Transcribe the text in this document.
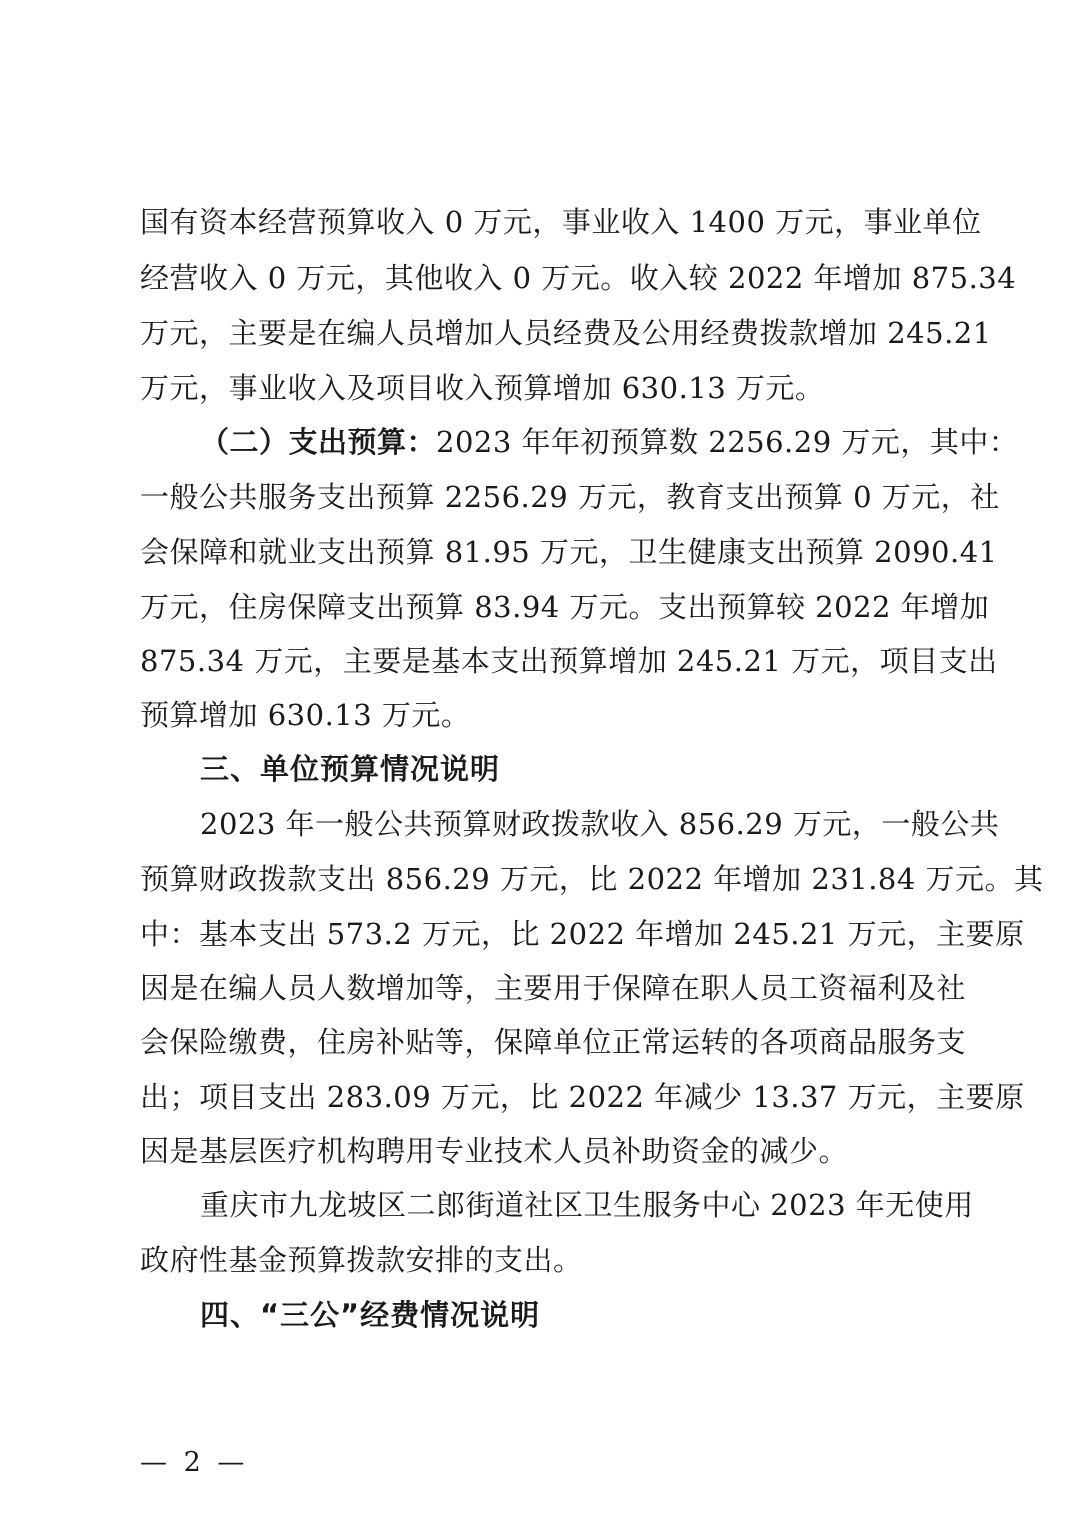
国有资本经营预算收入 0 万元，事业收入 1400 万元，事业单位
经营收入 0 万元，其他收入 0 万元。收入较 2022 年增加 875.34
万元，主要是在编人员增加人员经费及公用经费拨款增加 245.21
万元，事业收入及项目收入预算增加 630.13 万元。
（二）支出预算：2023 年年初预算数 2256.29 万元，其中：
一般公共服务支出预算 2256.29 万元，教育支出预算 0 万元，社
会保障和就业支出预算 81.95 万元，卫生健康支出预算 2090.41
万元，住房保障支出预算 83.94 万元。支出预算较 2022 年增加
875.34 万元，主要是基本支出预算增加 245.21 万元，项目支出
预算增加 630.13 万元。
三、单位预算情况说明
2023 年一般公共预算财政拨款收入 856.29 万元，一般公共
预算财政拨款支出 856.29 万元，比 2022 年增加 231.84 万元。其
中：基本支出 573.2 万元，比 2022 年增加 245.21 万元，主要原
因是在编人员人数增加等，主要用于保障在职人员工资福利及社
会保险缴费，住房补贴等，保障单位正常运转的各项商品服务支
出；项目支出 283.09 万元，比 2022 年减少 13.37 万元，主要原
因是基层医疗机构聘用专业技术人员补助资金的减少。
重庆市九龙坡区二郎街道社区卫生服务中心 2023 年无使用
政府性基金预算拨款安排的支出。
四、“三公”经费情况说明
— 2 —
